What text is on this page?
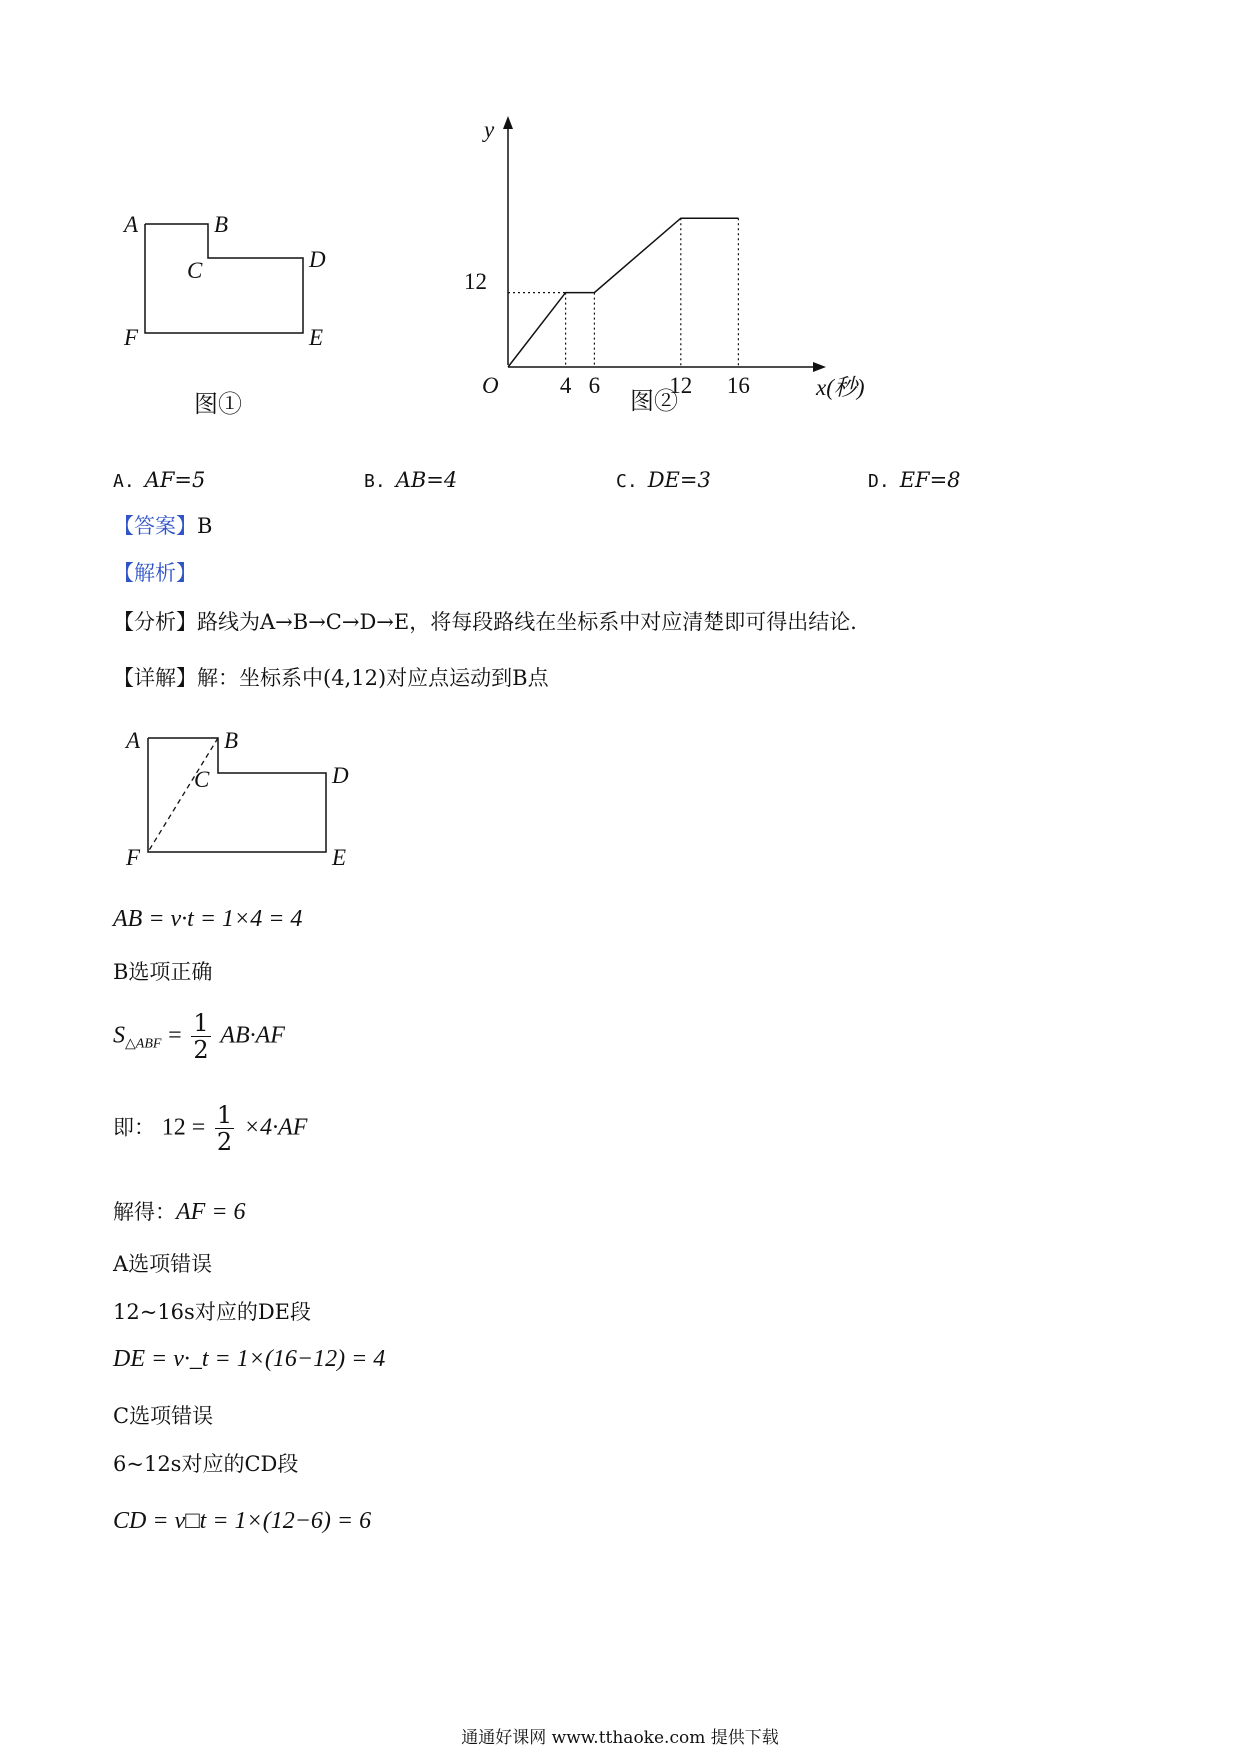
A	B
C	D
F	E
图①
y
O	x(秒)
12
4 6	12 16
图②
A. AF=5	B. AB=4	C. DE=3	D. EF=8
【答案】B
【解析】
【分析】路线为A→B→C→D→E，将每段路线在坐标系中对应清楚即可得出结论．
【详解】解：坐标系中(4,12)对应点运动到B点
A	B
C	D
F	E
AB = v·t = 1×4 = 4
B选项正确
$S_{\triangle ABF} = \frac{1}{2} AB\cdot AF$
即： $12 = \frac{1}{2} \times 4\cdot AF$
解得：AF = 6
A选项错误
12~16s对应的DE段
DE = v·_t = 1×(16−12) = 4
C选项错误
6~12s对应的CD段
CD = v□t = 1×(12−6) = 6
通通好课网 www.tthaoke.com 提供下载
